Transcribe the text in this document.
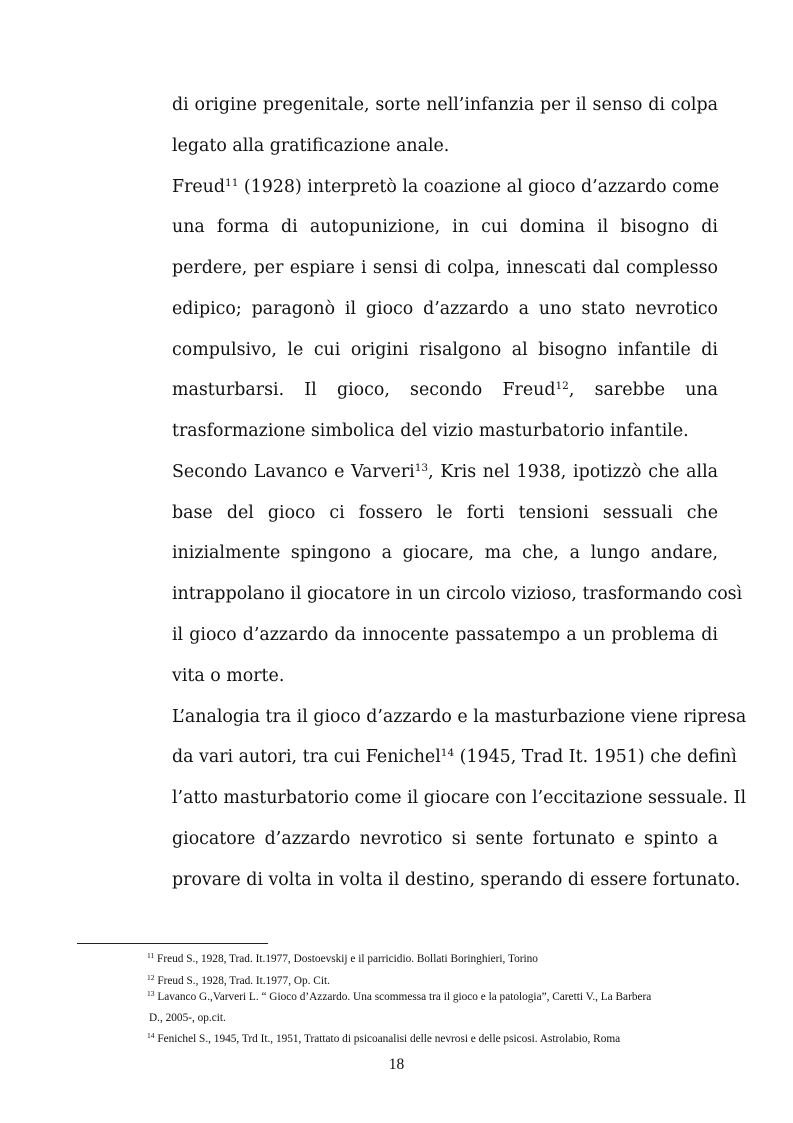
di origine pregenitale, sorte nell’infanzia per il senso di colpa
legato alla gratificazione anale.
Freud$^{11}$ (1928) interpretò la coazione al gioco d’azzardo come
una forma di autopunizione, in cui domina il bisogno di
perdere, per espiare i sensi di colpa, innescati dal complesso
edipico; paragonò il gioco d’azzardo a uno stato nevrotico
compulsivo, le cui origini risalgono al bisogno infantile di
masturbarsi. Il gioco, secondo Freud$^{12}$, sarebbe una
trasformazione simbolica del vizio masturbatorio infantile.
Secondo Lavanco e Varveri$^{13}$, Kris nel 1938, ipotizzò che alla
base del gioco ci fossero le forti tensioni sessuali che
inizialmente spingono a giocare, ma che, a lungo andare,
intrappolano il giocatore in un circolo vizioso, trasformando così
il gioco d’azzardo da innocente passatempo a un problema di
vita o morte.
L’analogia tra il gioco d’azzardo e la masturbazione viene ripresa
da vari autori, tra cui Fenichel$^{14}$ (1945, Trad It. 1951) che definì
l’atto masturbatorio come il giocare con l’eccitazione sessuale. Il
giocatore d’azzardo nevrotico si sente fortunato e spinto a
provare di volta in volta il destino, sperando di essere fortunato.
$^{11}$ Freud S., 1928, Trad. It.1977, Dostoevskij e il parricidio. Bollati Boringhieri, Torino
$^{12}$ Freud S., 1928, Trad. It.1977, Op. Cit.
$^{13}$ Lavanco G.,Varveri L. “ Gioco d’Azzardo. Una scommessa tra il gioco e la patologia”, Caretti V., La Barbera
D., 2005-, op.cit.
$^{14}$ Fenichel S., 1945, Trd It., 1951, Trattato di psicoanalisi delle nevrosi e delle psicosi. Astrolabio, Roma
18
